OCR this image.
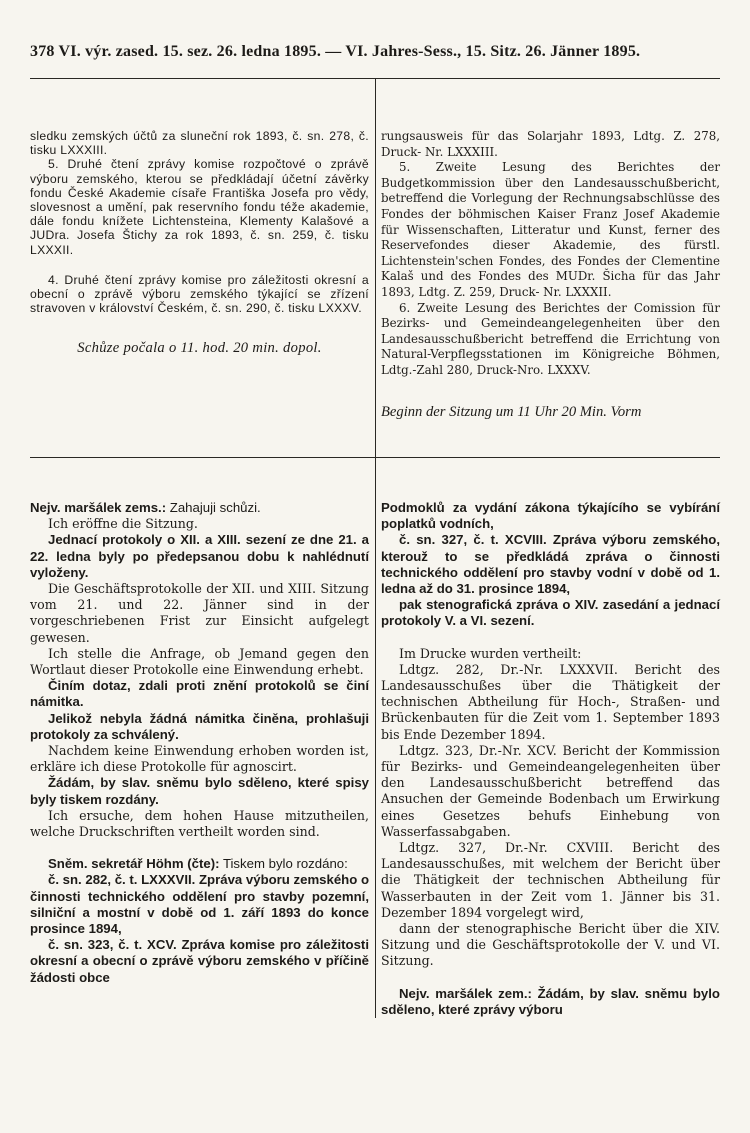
378 VI. výr. zased. 15. sez. 26. ledna 1895. — VI. Jahres-Sess., 15. Sitz. 26. Jänner 1895.

sledku zemských účtů za sluneční rok 1893, č. sn. 278, č. tisku LXXXIII.

5. Druhé čtení zprávy komise rozpočtové o zprávě výboru zemského, kterou se předkládají účetní závěrky fondu České Akademie císaře Františka Josefa pro vědy, slovesnost a umění, pak reservního fondu téže akademie, dále fondu knížete Lichtensteina, Klementy Kalašové a JUDra. Josefa Štichy za rok 1893, č. sn. 259, č. tisku LXXXII.

4. Druhé čtení zprávy komise pro záležitosti okresní a obecní o zprávě výboru zemského týkající se zřízení stravoven v království Českém, č. sn. 290, č. tisku LXXXV.

Schůze počala o 11. hod. 20 min. dopol.

rungsausweis für das Solarjahr 1893, Ldtg. Z. 278, Druck- Nr. LXXXIII.

5. Zweite Lesung des Berichtes der Budgetkommission über den Landesausschußbericht, betreffend die Vorlegung der Rechnungsabschlüsse des Fondes der böhmischen Kaiser Franz Josef Akademie für Wissenschaften, Litteratur und Kunst, ferner des Reservefondes dieser Akademie, des fürstl. Lichtenstein'schen Fondes, des Fondes der Clementine Kalaš und des Fondes des MUDr. Šicha für das Jahr 1893, Ldtg. Z. 259, Druck- Nr. LXXXII.

6. Zweite Lesung des Berichtes der Comission für Bezirks- und Gemeindeangelegenheiten über den Landesausschußbericht betreffend die Errichtung von Natural-Verpflegsstationen im Königreiche Böhmen, Ldtg.-Zahl 280, Druck-Nro. LXXXV.

Beginn der Sitzung um 11 Uhr 20 Min. Vorm

Nejv. maršálek zems.: Zahajuji schůzi.

Ich eröffne die Sitzung.

Jednací protokoly o XII. a XIII. sezení ze dne 21. a 22. ledna byly po předepsanou dobu k nahlédnutí vyloženy.

Die Geschäftsprotokolle der XII. und XIII. Sitzung vom 21. und 22. Jänner sind in der vorgeschriebenen Frist zur Einsicht aufgelegt gewesen.

Ich stelle die Anfrage, ob Jemand gegen den Wortlaut dieser Protokolle eine Einwendung erhebt.

Činím dotaz, zdali proti znění protokolů se činí námitka.

Jelikož nebyla žádná námitka činěna, prohlašuji protokoly za schválený.

Nachdem keine Einwendung erhoben worden ist, erkläre ich diese Protokolle für agnoscirt.

Žádám, by slav. sněmu bylo sděleno, které spisy byly tiskem rozdány.

Ich ersuche, dem hohen Hause mitzutheilen, welche Druckschriften vertheilt worden sind.

Sněm. sekretář Höhm (čte): Tiskem bylo rozdáno:

č. sn. 282, č. t. LXXXVII. Zpráva výboru zemského o činnosti technického oddělení pro stavby pozemní, silniční a mostní v době od 1. září 1893 do konce prosince 1894,

č. sn. 323, č. t. XCV. Zpráva komise pro záležitosti okresní a obecní o zprávě výboru zemského v příčině žádosti obce

Podmoklů za vydání zákona týkajícího se vybírání poplatků vodních,

č. sn. 327, č. t. XCVIII. Zpráva výboru zemského, kterouž to se předkládá zpráva o činnosti technického oddělení pro stavby vodní v době od 1. ledna až do 31. prosince 1894,

pak stenografická zpráva o XIV. zasedání a jednací protokoly V. a VI. sezení.

Im Drucke wurden vertheilt:

Ldtgz. 282, Dr.-Nr. LXXXVII. Bericht des Landesausschußes über die Thätigkeit der technischen Abtheilung für Hoch-, Straßen- und Brückenbauten für die Zeit vom 1. September 1893 bis Ende Dezember 1894.

Ldtgz. 323, Dr.-Nr. XCV. Bericht der Kommission für Bezirks- und Gemeindeangelegenheiten über den Landesausschußbericht betreffend das Ansuchen der Gemeinde Bodenbach um Erwirkung eines Gesetzes behufs Einhebung von Wasserfassabgaben.

Ldtgz. 327, Dr.-Nr. CXVIII. Bericht des Landesausschußes, mit welchem der Bericht über die Thätigkeit der technischen Abtheilung für Wasserbauten in der Zeit vom 1. Jänner bis 31. Dezember 1894 vorgelegt wird,

dann der stenographische Bericht über die XIV. Sitzung und die Geschäftsprotokolle der V. und VI. Sitzung.

Nejv. maršálek zem.: Žádám, by slav. sněmu bylo sděleno, které zprávy výboru
